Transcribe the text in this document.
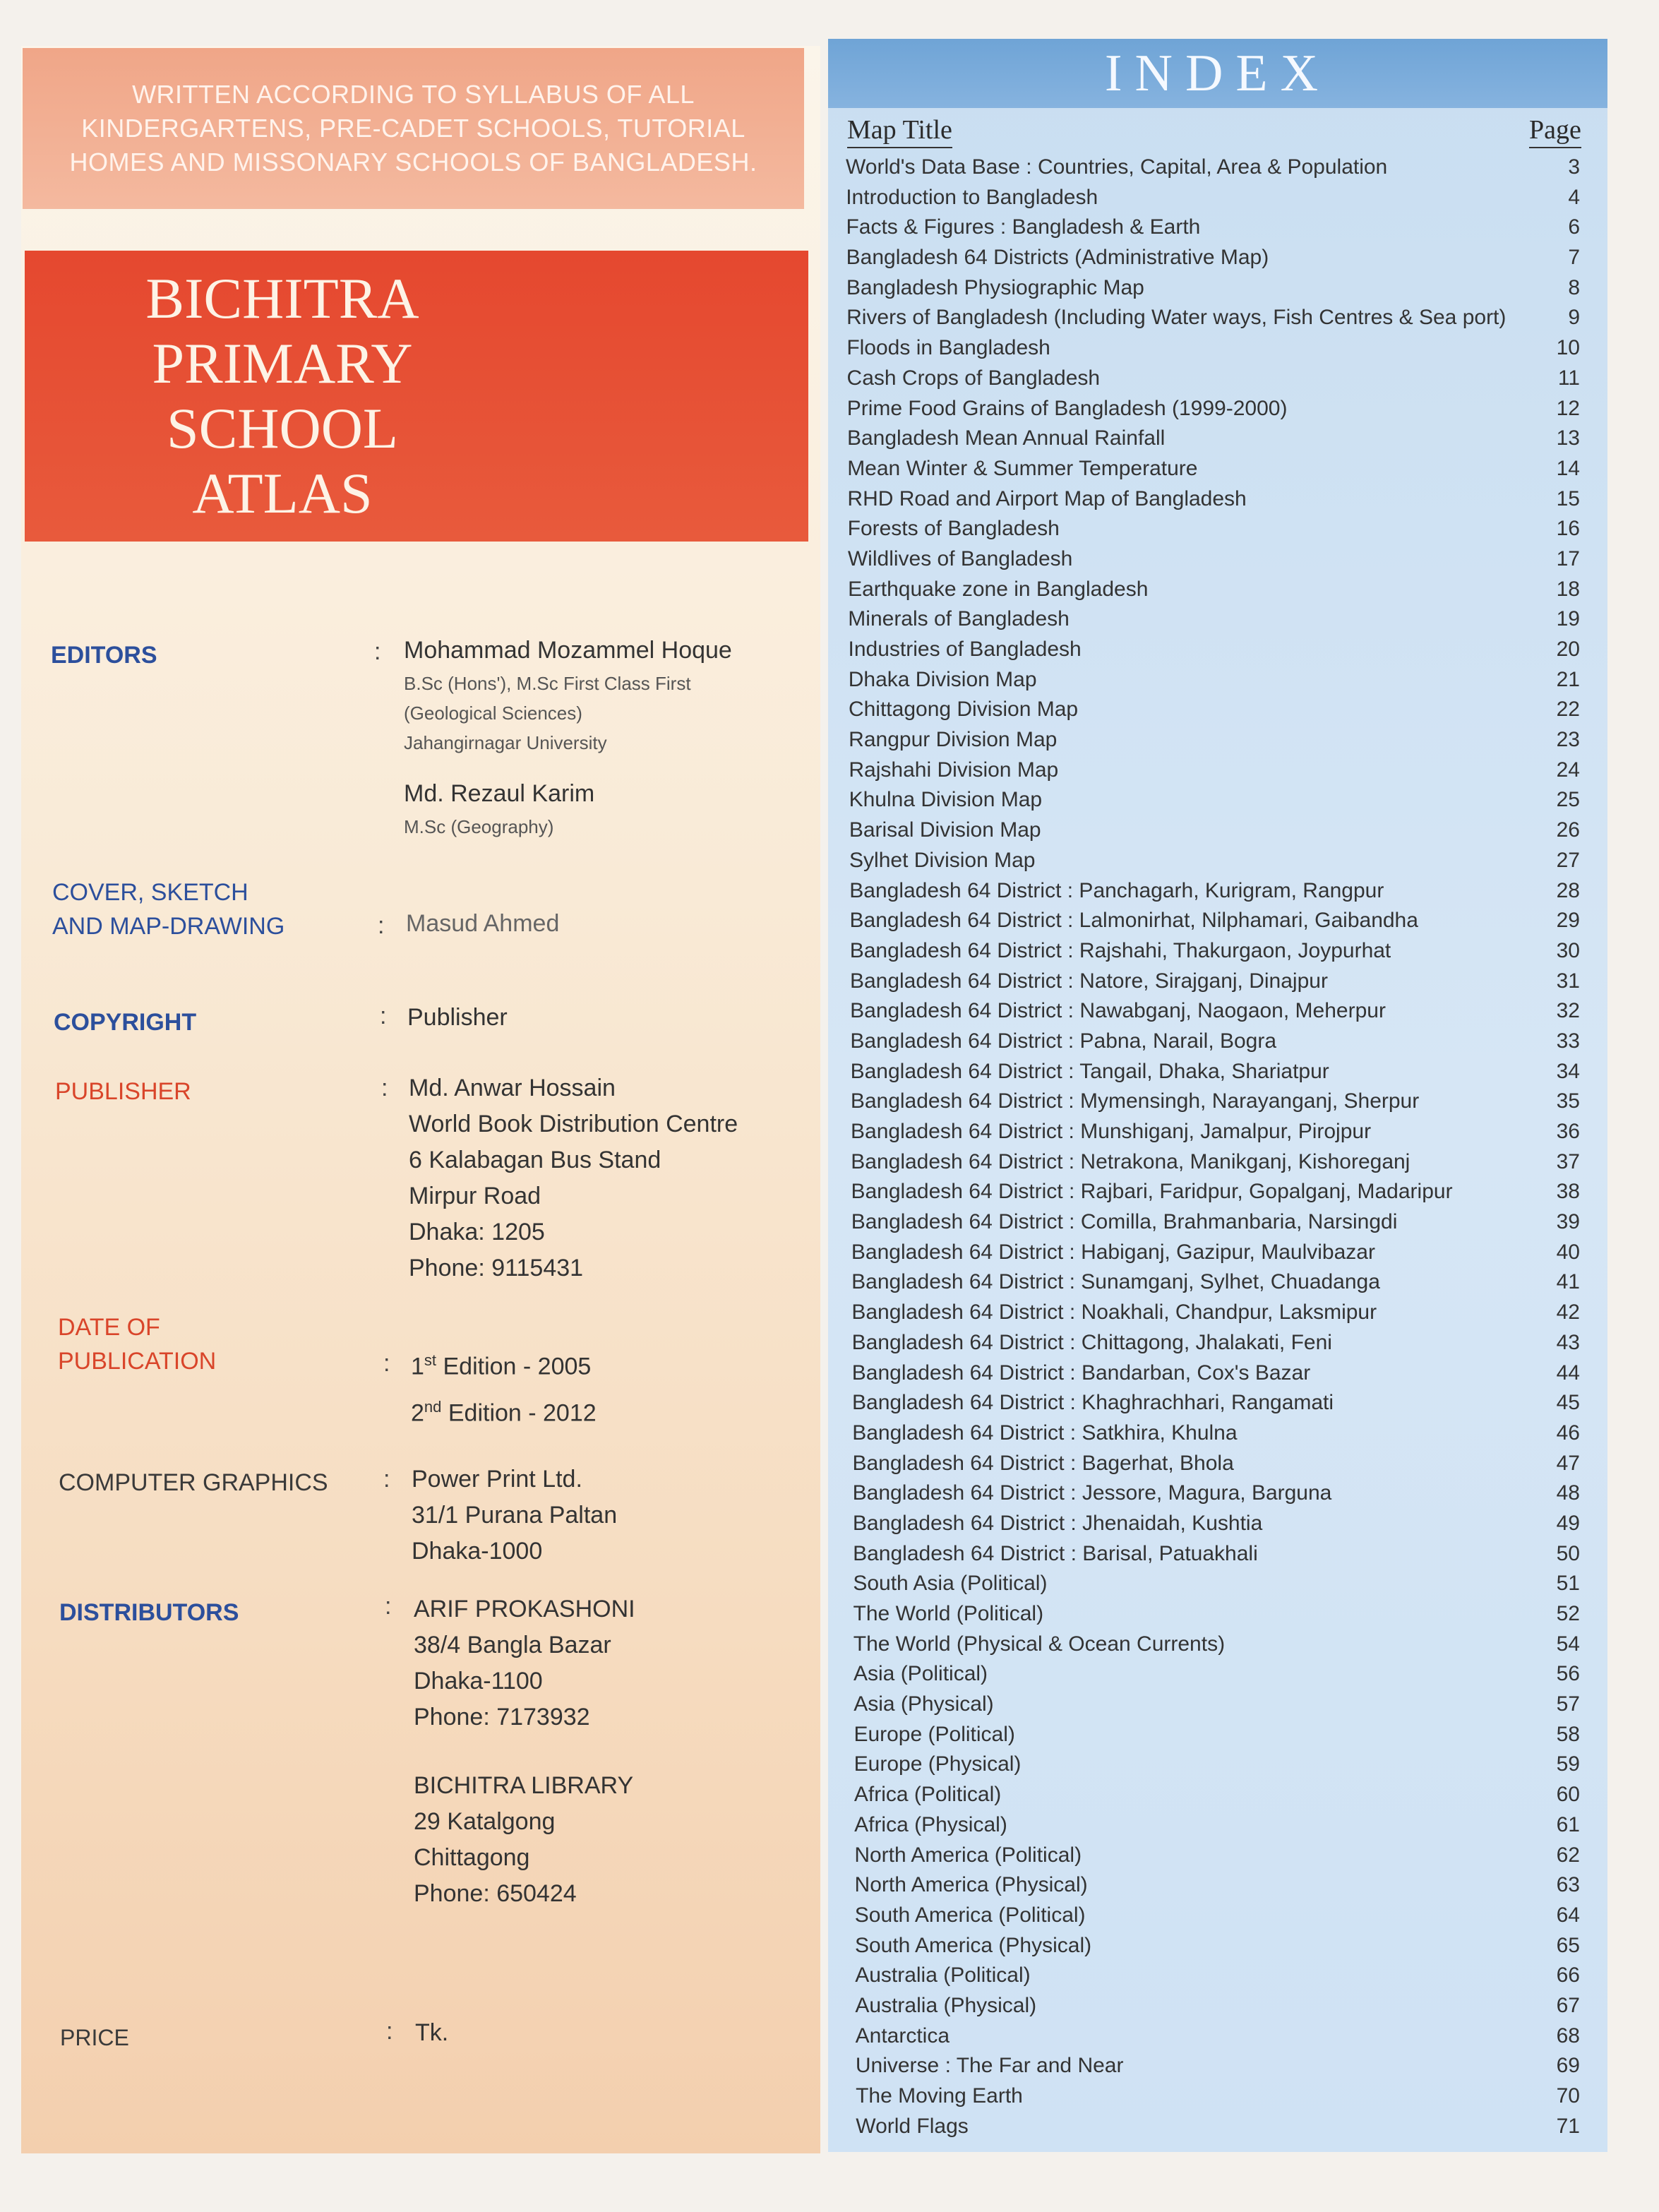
WRITTEN ACCORDING TO SYLLABUS OF ALL
KINDERGARTENS, PRE-CADET SCHOOLS, TUTORIAL
HOMES AND MISSONARY SCHOOLS OF BANGLADESH.
BICHITRA
PRIMARY
SCHOOL
ATLAS
EDITORS	: Mohammad Mozammel Hoque
B.Sc (Hons'), M.Sc First Class First
(Geological Sciences)
Jahangirnagar University
Md. Rezaul Karim
M.Sc (Geography)
COVER, SKETCH
AND MAP-DRAWING	: Masud Ahmed
COPYRIGHT	: Publisher
PUBLISHER	: Md. Anwar Hossain
World Book Distribution Centre
6 Kalabagan Bus Stand
Mirpur Road
Dhaka: 1205
Phone: 9115431
DATE OF
PUBLICATION	: 1st Edition - 2005
2nd Edition - 2012
COMPUTER GRAPHICS : Power Print Ltd.
31/1 Purana Paltan
Dhaka-1000
DISTRIBUTORS	: ARIF PROKASHONI
38/4 Bangla Bazar
Dhaka-1100
Phone: 7173932
BICHITRA LIBRARY
29 Katalgong
Chittagong
Phone: 650424
PRICE	: Tk.
INDEX
Map Title	Page
World's Data Base : Countries, Capital, Area & Population	3
Introduction to Bangladesh	4
Facts & Figures : Bangladesh & Earth	6
Bangladesh 64 Districts (Administrative Map)	7
Bangladesh Physiographic Map	8
Rivers of Bangladesh (Including Water ways, Fish Centres & Sea port)	9
Floods in Bangladesh	10
Cash Crops of Bangladesh	11
Prime Food Grains of Bangladesh (1999-2000)	12
Bangladesh Mean Annual Rainfall	13
Mean Winter & Summer Temperature	14
RHD Road and Airport Map of Bangladesh	15
Forests of Bangladesh	16
Wildlives of Bangladesh	17
Earthquake zone in Bangladesh	18
Minerals of Bangladesh	19
Industries of Bangladesh	20
Dhaka Division Map	21
Chittagong Division Map	22
Rangpur Division Map	23
Rajshahi Division Map	24
Khulna Division Map	25
Barisal Division Map	26
Sylhet Division Map	27
Bangladesh 64 District : Panchagarh, Kurigram, Rangpur	28
Bangladesh 64 District : Lalmonirhat, Nilphamari, Gaibandha	29
Bangladesh 64 District : Rajshahi, Thakurgaon, Joypurhat	30
Bangladesh 64 District : Natore, Sirajganj, Dinajpur	31
Bangladesh 64 District : Nawabganj, Naogaon, Meherpur	32
Bangladesh 64 District : Pabna, Narail, Bogra	33
Bangladesh 64 District : Tangail, Dhaka, Shariatpur	34
Bangladesh 64 District : Mymensingh, Narayanganj, Sherpur	35
Bangladesh 64 District : Munshiganj, Jamalpur, Pirojpur	36
Bangladesh 64 District : Netrakona, Manikganj, Kishoreganj	37
Bangladesh 64 District : Rajbari, Faridpur, Gopalganj, Madaripur	38
Bangladesh 64 District : Comilla, Brahmanbaria, Narsingdi	39
Bangladesh 64 District : Habiganj, Gazipur, Maulvibazar	40
Bangladesh 64 District : Sunamganj, Sylhet, Chuadanga	41
Bangladesh 64 District : Noakhali, Chandpur, Laksmipur	42
Bangladesh 64 District : Chittagong, Jhalakati, Feni	43
Bangladesh 64 District : Bandarban, Cox's Bazar	44
Bangladesh 64 District : Khaghrachhari, Rangamati	45
Bangladesh 64 District : Satkhira, Khulna	46
Bangladesh 64 District : Bagerhat, Bhola	47
Bangladesh 64 District : Jessore, Magura, Barguna	48
Bangladesh 64 District : Jhenaidah, Kushtia	49
Bangladesh 64 District : Barisal, Patuakhali	50
South Asia (Political)	51
The World (Political)	52
The World (Physical & Ocean Currents)	54
Asia (Political)	56
Asia (Physical)	57
Europe (Political)	58
Europe (Physical)	59
Africa (Political)	60
Africa (Physical)	61
North America (Political)	62
North America (Physical)	63
South America (Political)	64
South America (Physical)	65
Australia (Political)	66
Australia (Physical)	67
Antarctica	68
Universe : The Far and Near	69
The Moving Earth	70
World Flags	71
